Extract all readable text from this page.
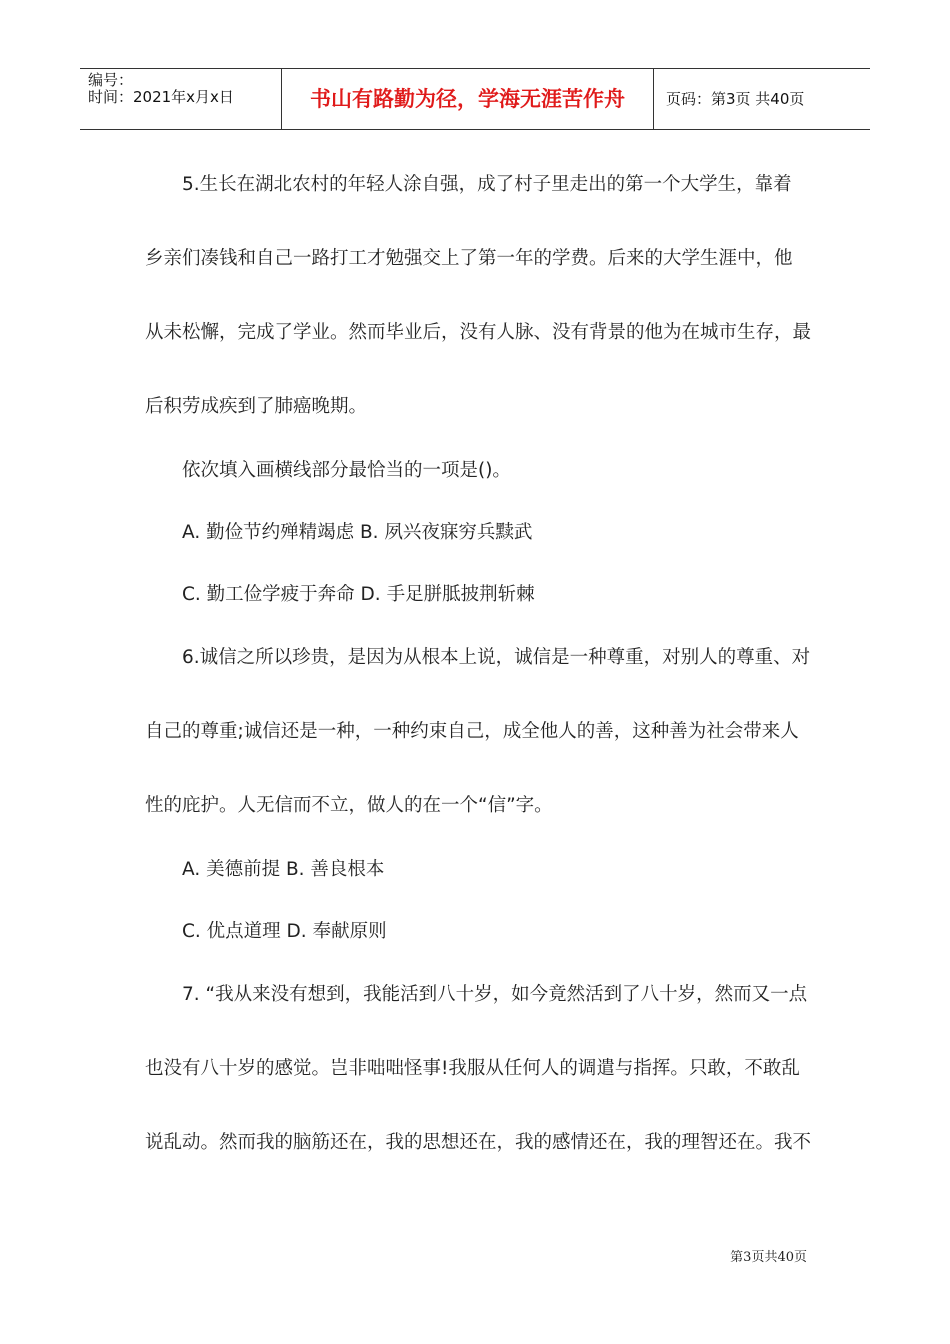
编号：
时间：2021年x月x日	书山有路勤为径，学海无涯苦作舟	页码：第3页 共40页
5.生长在湖北农村的年轻人涂自强，成了村子里走出的第一个大学生，靠着
乡亲们凑钱和自己一路打工才勉强交上了第一年的学费。后来的大学生涯中，他
从未松懈，完成了学业。然而毕业后，没有人脉、没有背景的他为在城市生存，最
后积劳成疾到了肺癌晚期。
依次填入画横线部分最恰当的一项是()。
A. 勤俭节约殚精竭虑 B. 夙兴夜寐穷兵黩武
C. 勤工俭学疲于奔命 D. 手足胼胝披荆斩棘
6.诚信之所以珍贵，是因为从根本上说，诚信是一种尊重，对别人的尊重、对
自己的尊重;诚信还是一种，一种约束自己，成全他人的善，这种善为社会带来人
性的庇护。人无信而不立，做人的在一个“信”字。
A. 美德前提 B. 善良根本
C. 优点道理 D. 奉献原则
7. “我从来没有想到，我能活到八十岁，如今竟然活到了八十岁，然而又一点
也没有八十岁的感觉。岂非咄咄怪事!我服从任何人的调遣与指挥。只敢，不敢乱
说乱动。然而我的脑筋还在，我的思想还在，我的感情还在，我的理智还在。我不
第3页共40页
